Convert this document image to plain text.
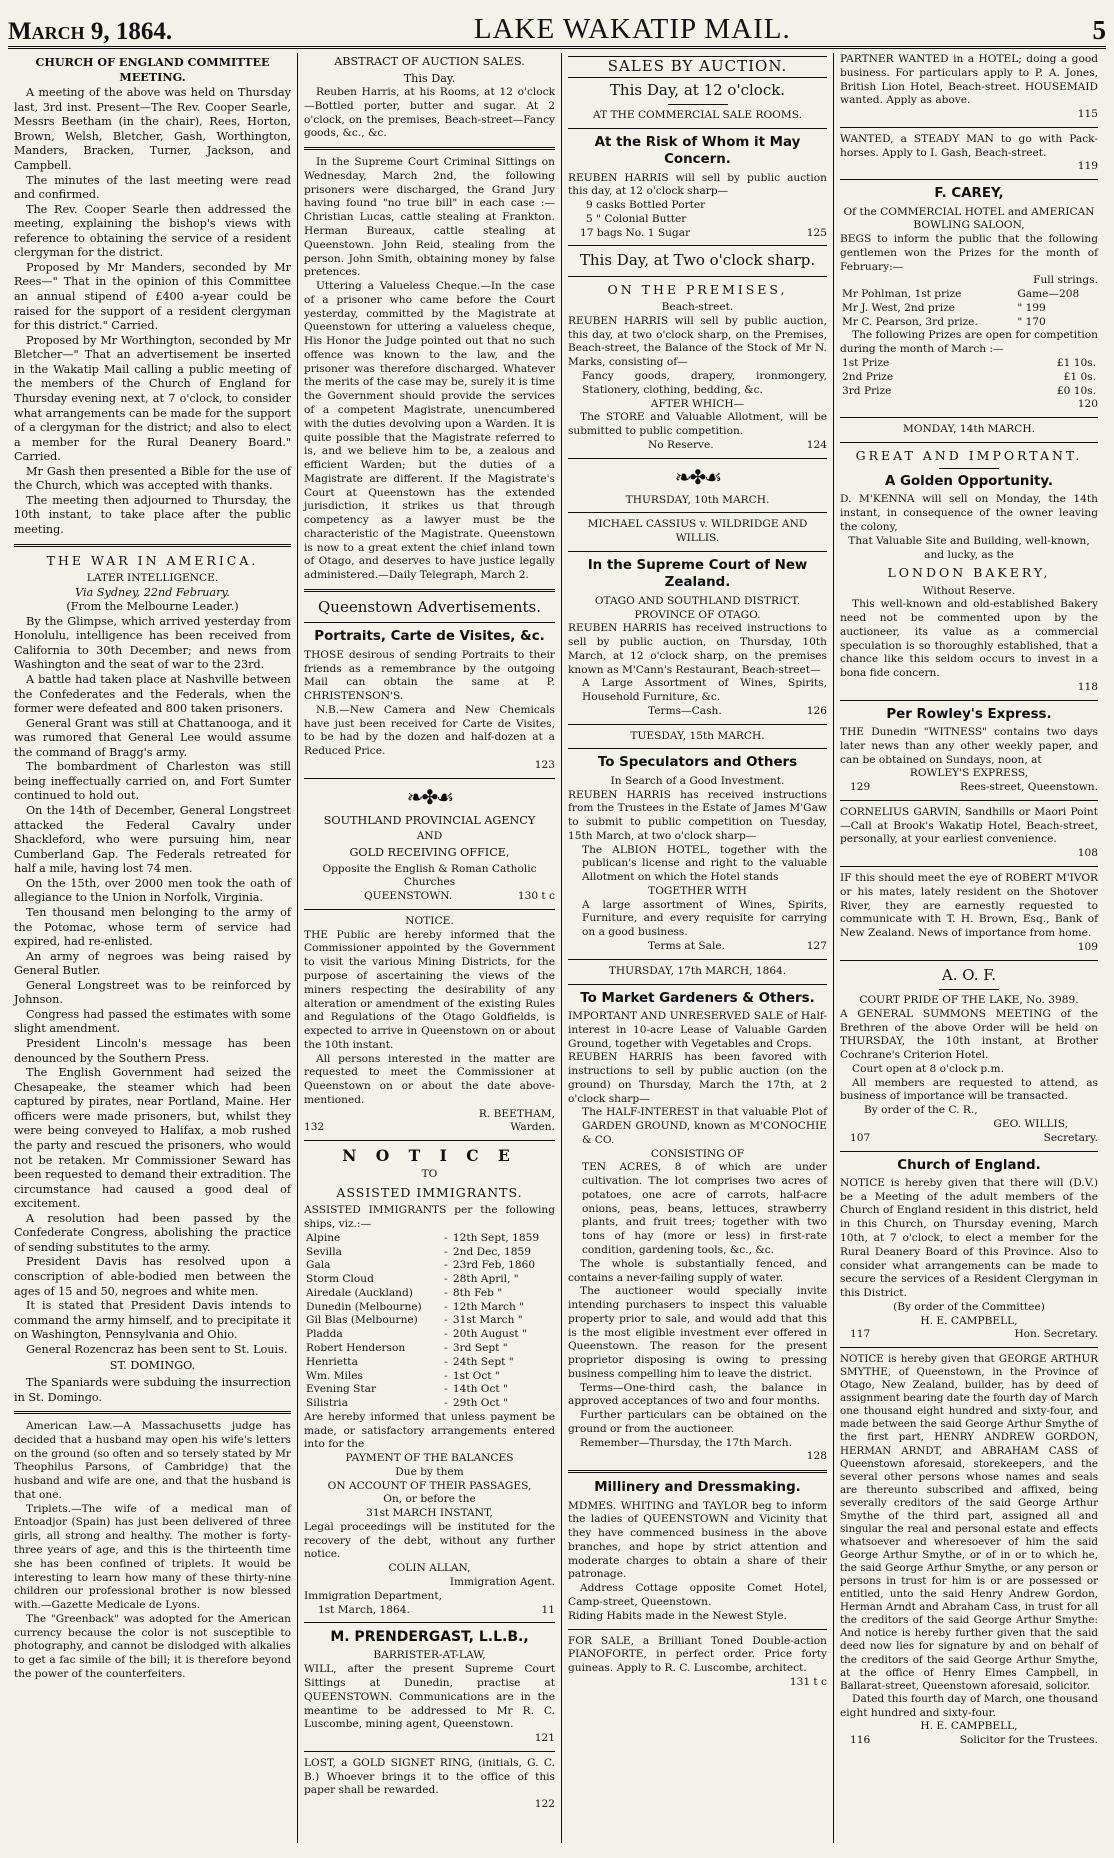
March 9, 1864.	LAKE WAKATIP MAIL.	5
CHURCH OF ENGLAND COMMITTEE MEETING.

A meeting of the above was held on Thursday last, 3rd inst. Present—The Rev. Cooper Searle, Messrs Beetham (in the chair), Rees, Horton, Brown, Welsh, Bletcher, Gash, Worthington, Manders, Bracken, Turner, Jackson, and Campbell.

The minutes of the last meeting were read and confirmed.

The Rev. Cooper Searle then addressed the meeting, explaining the bishop's views with reference to obtaining the service of a resident clergyman for the district.

Proposed by Mr Manders, seconded by Mr Rees—" That in the opinion of this Committee an annual stipend of £400 a-year could be raised for the support of a resident clergyman for this district." Carried.

Proposed by Mr Worthington, seconded by Mr Bletcher—" That an advertisement be inserted in the Wakatip Mail calling a public meeting of the members of the Church of England for Thursday evening next, at 7 o'clock, to consider what arrangements can be made for the support of a clergyman for the district; and also to elect a member for the Rural Deanery Board." Carried.

Mr Gash then presented a Bible for the use of the Church, which was accepted with thanks.

The meeting then adjourned to Thursday, the 10th instant, to take place after the public meeting.

THE WAR IN AMERICA.
LATER INTELLIGENCE.
Via Sydney, 22nd February.
(From the Melbourne Leader.)

By the Glimpse, which arrived yesterday from Honolulu, intelligence has been received from California to 30th December; and news from Washington and the seat of war to the 23rd.

A battle had taken place at Nashville between the Confederates and the Federals, when the former were defeated and 800 taken prisoners.

General Grant was still at Chattanooga, and it was rumored that General Lee would assume the command of Bragg's army.

The bombardment of Charleston was still being ineffectually carried on, and Fort Sumter continued to hold out.

On the 14th of December, General Longstreet attacked the Federal Cavalry under Shackleford, who were pursuing him, near Cumberland Gap. The Federals retreated for half a mile, having lost 74 men.

On the 15th, over 2000 men took the oath of allegiance to the Union in Norfolk, Virginia.

Ten thousand men belonging to the army of the Potomac, whose term of service had expired, had re-enlisted.

An army of negroes was being raised by General Butler.

General Longstreet was to be reinforced by Johnson.

Congress had passed the estimates with some slight amendment.

President Lincoln's message has been denounced by the Southern Press.

The English Government had seized the Chesapeake, the steamer which had been captured by pirates, near Portland, Maine. Her officers were made prisoners, but, whilst they were being conveyed to Halifax, a mob rushed the party and rescued the prisoners, who would not be retaken. Mr Commissioner Seward has been requested to demand their extradition. The circumstance had caused a good deal of excitement.

A resolution had been passed by the Confederate Congress, abolishing the practice of sending substitutes to the army.

President Davis has resolved upon a conscription of able-bodied men between the ages of 15 and 50, negroes and white men.

It is stated that President Davis intends to command the army himself, and to precipitate it on Washington, Pennsylvania and Ohio.

General Rozencraz has been sent to St. Louis.

ST. DOMINGO.

The Spaniards were subduing the insurrection in St. Domingo.

American Law.—A Massachusetts judge has decided that a husband may open his wife's letters on the ground (so often and so tersely stated by Mr Theophilus Parsons, of Cambridge) that the husband and wife are one, and that the husband is that one.

Triplets.—The wife of a medical man of Entoadjor (Spain) has just been delivered of three girls, all strong and healthy. The mother is forty-three years of age, and this is the thirteenth time she has been confined of triplets. It would be interesting to learn how many of these thirty-nine children our professional brother is now blessed with.—Gazette Medicale de Lyons.

The "Greenback" was adopted for the American currency because the color is not susceptible to photography, and cannot be dislodged with alkalies to get a fac simile of the bill; it is therefore beyond the power of the counterfeiters.

ABSTRACT OF AUCTION SALES.
This Day.

Reuben Harris, at his Rooms, at 12 o'clock—Bottled porter, butter and sugar. At 2 o'clock, on the premises, Beach-street—Fancy goods, &c., &c.

In the Supreme Court Criminal Sittings on Wednesday, March 2nd, the following prisoners were discharged, the Grand Jury having found "no true bill" in each case :—Christian Lucas, cattle stealing at Frankton. Herman Bureaux, cattle stealing at Queenstown. John Reid, stealing from the person. John Smith, obtaining money by false pretences.

Uttering a Valueless Cheque.—In the case of a prisoner who came before the Court yesterday, committed by the Magistrate at Queenstown for uttering a valueless cheque, His Honor the Judge pointed out that no such offence was known to the law, and the prisoner was therefore discharged. Whatever the merits of the case may be, surely it is time the Government should provide the services of a competent Magistrate, unencumbered with the duties devolving upon a Warden. It is quite possible that the Magistrate referred to is, and we believe him to be, a zealous and efficient Warden; but the duties of a Magistrate are different. If the Magistrate's Court at Queenstown has the extended jurisdiction, it strikes us that through competency as a lawyer must be the characteristic of the Magistrate. Queenstown is now to a great extent the chief inland town of Otago, and deserves to have justice legally administered.—Daily Telegraph, March 2.

Queenstown Advertisements.
Portraits, Carte de Visites, &c.

THOSE desirous of sending Portraits to their friends as a remembrance by the outgoing Mail can obtain the same at P. CHRISTENSON'S.

N.B.—New Camera and New Chemicals have just been received for Carte de Visites, to be had by the dozen and half-dozen at a Reduced Price.

123
❧✤☙
SOUTHLAND PROVINCIAL AGENCY
AND
GOLD RECEIVING OFFICE,
Opposite the English & Roman Catholic Churches
QUEENSTOWN.	130 t c
NOTICE.

THE Public are hereby informed that the Commissioner appointed by the Government to visit the various Mining Districts, for the purpose of ascertaining the views of the miners respecting the desirability of any alteration or amendment of the existing Rules and Regulations of the Otago Goldfields, is expected to arrive in Queenstown on or about the 10th instant.

All persons interested in the matter are requested to meet the Commissioner at Queenstown on or about the date above-mentioned.

R. BEETHAM,
132	Warden.
N O T I C E
TO
ASSISTED IMMIGRANTS.

ASSISTED IMMIGRANTS per the following ships, viz.:—

Alpine	-	12th Sept, 1859
Sevilla	-	2nd Dec, 1859
Gala	-	23rd Feb, 1860
Storm Cloud	-	28th April, "
Airedale (Auckland)	-	8th Feb "
Dunedin (Melbourne)	-	12th March "
Gil Blas (Melbourne)	-	31st March "
Pladda	-	20th August "
Robert Henderson	-	3rd Sept "
Henrietta	-	24th Sept "
Wm. Miles	-	1st Oct "
Evening Star	-	14th Oct "
Silistria	-	29th Oct "

Are hereby informed that unless payment be made, or satisfactory arrangements entered into for the

PAYMENT OF THE BALANCES
Due by them
ON ACCOUNT OF THEIR PASSAGES,
On, or before the
31st MARCH INSTANT,

Legal proceedings will be instituted for the recovery of the debt, without any further notice.

COLIN ALLAN,
Immigration Agent.
Immigration Department,
1st March, 1864.	11
M. PRENDERGAST, L.L.B.,
BARRISTER-AT-LAW,

WILL, after the present Supreme Court Sittings at Dunedin, practise at QUEENSTOWN. Communications are in the meantime to be addressed to Mr R. C. Luscombe, mining agent, Queenstown.

121

LOST, a GOLD SIGNET RING, (initials, G. C. B.) Whoever brings it to the office of this paper shall be rewarded.

122
SALES BY AUCTION.
This Day, at 12 o'clock.
AT THE COMMERCIAL SALE ROOMS.
At the Risk of Whom it May Concern.

REUBEN HARRIS will sell by public auction this day, at 12 o'clock sharp—

9 casks Bottled Porter
5 " Colonial Butter
17 bags No. 1 Sugar	125
This Day, at Two o'clock sharp.
ON THE PREMISES,
Beach-street.

REUBEN HARRIS will sell by public auction, this day, at two o'clock sharp, on the Premises, Beach-street, the Balance of the Stock of Mr N. Marks, consisting of—

Fancy goods, drapery, ironmongery, Stationery, clothing, bedding, &c.

AFTER WHICH—

The STORE and Valuable Allotment, will be submitted to public competition.

No Reserve.	124
❧✤☙
THURSDAY, 10th MARCH.
MICHAEL CASSIUS v. WILDRIDGE AND WILLIS.
In the Supreme Court of New Zealand.
OTAGO AND SOUTHLAND DISTRICT. PROVINCE OF OTAGO.

REUBEN HARRIS has received instructions to sell by public auction, on Thursday, 10th March, at 12 o'clock sharp, on the premises known as M'Cann's Restaurant, Beach-street—

A Large Assortment of Wines, Spirits, Household Furniture, &c.

Terms—Cash.	126
TUESDAY, 15th MARCH.
To Speculators and Others
In Search of a Good Investment.

REUBEN HARRIS has received instructions from the Trustees in the Estate of James M'Gaw to submit to public competition on Tuesday, 15th March, at two o'clock sharp—

The ALBION HOTEL, together with the publican's license and right to the valuable Allotment on which the Hotel stands

TOGETHER WITH

A large assortment of Wines, Spirits, Furniture, and every requisite for carrying on a good business.

Terms at Sale.	127
THURSDAY, 17th MARCH, 1864.
To Market Gardeners & Others.

IMPORTANT AND UNRESERVED SALE of Half-interest in 10-acre Lease of Valuable Garden Ground, together with Vegetables and Crops.

REUBEN HARRIS has been favored with instructions to sell by public auction (on the ground) on Thursday, March the 17th, at 2 o'clock sharp—

The HALF-INTEREST in that valuable Plot of GARDEN GROUND, known as M'CONOCHIE & CO.

CONSISTING OF

TEN ACRES, 8 of which are under cultivation. The lot comprises two acres of potatoes, one acre of carrots, half-acre onions, peas, beans, lettuces, strawberry plants, and fruit trees; together with two tons of hay (more or less) in first-rate condition, gardening tools, &c., &c.

The whole is substantially fenced, and contains a never-failing supply of water.

The auctioneer would specially invite intending purchasers to inspect this valuable property prior to sale, and would add that this is the most eligible investment ever offered in Queenstown. The reason for the present proprietor disposing is owing to pressing business compelling him to leave the district.

Terms—One-third cash, the balance in approved acceptances of two and four months.

Further particulars can be obtained on the ground or from the auctioneer.

Remember—Thursday, the 17th March.

128
Millinery and Dressmaking.

MDMES. WHITING and TAYLOR beg to inform the ladies of QUEENSTOWN and Vicinity that they have commenced business in the above branches, and hope by strict attention and moderate charges to obtain a share of their patronage.

Address Cottage opposite Comet Hotel, Camp-street, Queenstown.

Riding Habits made in the Newest Style.

FOR SALE, a Brilliant Toned Double-action PIANOFORTE, in perfect order. Price forty guineas. Apply to R. C. Luscombe, architect.

131 t c

PARTNER WANTED in a HOTEL; doing a good business. For particulars apply to P. A. Jones, British Lion Hotel, Beach-street. HOUSEMAID wanted. Apply as above.

115

WANTED, a STEADY MAN to go with Pack-horses. Apply to I. Gash, Beach-street.

119
F. CAREY,
Of the COMMERCIAL HOTEL and AMERICAN BOWLING SALOON,

BEGS to inform the public that the following gentlemen won the Prizes for the month of February:—

Full strings.
Mr Pohlman, 1st prize	Game—208
Mr J. West, 2nd prize	" 199
Mr C. Pearson, 3rd prize.	" 170

The following Prizes are open for competition during the month of March :—

1st Prize	£1 10s.
2nd Prize	£1 0s.
3rd Prize	£0 10s.
120
MONDAY, 14th MARCH.
GREAT AND IMPORTANT.
A Golden Opportunity.

D. M'KENNA will sell on Monday, the 14th instant, in consequence of the owner leaving the colony,

That Valuable Site and Building, well-known, and lucky, as the
LONDON BAKERY,
Without Reserve.

This well-known and old-established Bakery need not be commented upon by the auctioneer, its value as a commercial speculation is so thoroughly established, that a chance like this seldom occurs to invest in a bona fide concern.

118
Per Rowley's Express.

THE Dunedin "WITNESS" contains two days later news than any other weekly paper, and can be obtained on Sundays, noon, at

ROWLEY'S EXPRESS,
129	Rees-street, Queenstown.

CORNELIUS GARVIN, Sandhills or Maori Point—Call at Brook's Wakatip Hotel, Beach-street, personally, at your earliest convenience.

108

IF this should meet the eye of ROBERT M'IVOR or his mates, lately resident on the Shotover River, they are earnestly requested to communicate with T. H. Brown, Esq., Bank of New Zealand. News of importance from home.

109
A. O. F.
COURT PRIDE OF THE LAKE, No. 3989.

A GENERAL SUMMONS MEETING of the Brethren of the above Order will be held on THURSDAY, the 10th instant, at Brother Cochrane's Criterion Hotel.

Court open at 8 o'clock p.m.

All members are requested to attend, as business of importance will be transacted.

By order of the C. R.,
GEO. WILLIS,
107	Secretary.
Church of England.

NOTICE is hereby given that there will (D.V.) be a Meeting of the adult members of the Church of England resident in this district, held in this Church, on Thursday evening, March 10th, at 7 o'clock, to elect a member for the Rural Deanery Board of this Province. Also to consider what arrangements can be made to secure the services of a Resident Clergyman in this District.

(By order of the Committee)
H. E. CAMPBELL,
117	Hon. Secretary.

NOTICE is hereby given that GEORGE ARTHUR SMYTHE, of Queenstown, in the Province of Otago, New Zealand, builder, has by deed of assignment bearing date the fourth day of March one thousand eight hundred and sixty-four, and made between the said George Arthur Smythe of the first part, HENRY ANDREW GORDON, HERMAN ARNDT, and ABRAHAM CASS of Queenstown aforesaid, storekeepers, and the several other persons whose names and seals are thereunto subscribed and affixed, being severally creditors of the said George Arthur Smythe of the third part, assigned all and singular the real and personal estate and effects whatsoever and wheresoever of him the said George Arthur Smythe, or of in or to which he, the said George Arthur Smythe, or any person or persons in trust for him is or are possessed or entitled, unto the said Henry Andrew Gordon, Herman Arndt and Abraham Cass, in trust for all the creditors of the said George Arthur Smythe: And notice is hereby further given that the said deed now lies for signature by and on behalf of the creditors of the said George Arthur Smythe, at the office of Henry Elmes Campbell, in Ballarat-street, Queenstown aforesaid, solicitor.

Dated this fourth day of March, one thousand eight hundred and sixty-four.

H. E. CAMPBELL,
116	Solicitor for the Trustees.
